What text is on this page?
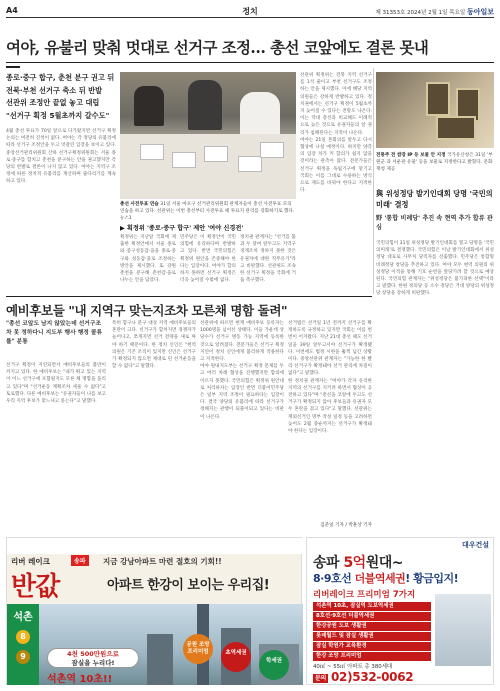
A4	정치	제 31353호 2024년 2월 1일 목요일 동아일보
여야, 유불리 맞춰 멋대로 선거구 조정… 총선 코앞에도 결론 못내
종로·중구 합구, 춘천 분구 권고 뒤
전북·부천 선거구 축소 뒤 반발
선관위 조정안 끝없 놓고 대립
"선거구 획정 5월초까지 갈수도"

4월 총선 투표가 70일 앞으로 다가왔지만 선거구 획정 논의는 여전히 진척이 없다. 여야는 각 정당의 유불리에 따라 선거구 조정안을 두고 엇갈린 입장을 보이고 있다. 중앙선거관리위원회 산하 선거구획정위원회는 서울 종로·중구를 합치고 춘천을 분구하는 안을 권고했지만 각 당의 반발로 결론이 나지 않고 있다. 여야는 지역구 조정에 따른 정치적 유불리를 계산하며 줄다리기를 계속하고 있다.

총선 사전투표 연습 31일 서울 마포구 선거관리위원회 관계자들이 총선 사전투표 모의 연습을 하고 있다. 선관위는 이번 총선부터 사전투표 때 투표지 관리를 강화하기로 했다. 뉴스1

선관위 획정위는 전북 지역 선거구를 1석 줄이고 부천 선거구도 조정하는 안을 제시했다. 이에 해당 지역 의원들은 강하게 반발하고 있다. 정치권에서는 선거구 획정이 5월초까지 늦어질 수 있다는 전망도 나온다. 이는 역대 총선과 비교해도 이례적으로 늦은 것으로 유권자들의 알 권리가 침해된다는 지적이 나온다.

여야는 21일 본회의를 앞두고 다시 협상에 나설 예정이다. 하지만 양측의 입장 차가 커 합의가 쉽지 않을 것이라는 관측이 많다. 전문가들은 선거구 획정을 독립기구에 맡기고 국회는 이를 그대로 수용하는 방식으로 제도를 바꿔야 한다고 지적한다.

▶ 획정위 '종로·중구 합구' 제안 '여야 신경전'

획정위는 지난달 국회에 제출한 획정안에서 서울 종로와 중구성동갑·을을 종로·중구와 성동갑·을로 조정하는 방안을 제시했다. 또 강원 춘천을 분구해 춘천갑·을로 나누는 안을 담았다.

민주당은 이 획정안이 국민의힘에 유리하다며 반발하고 있다. 반면 국민의힘은 획정위 원안을 존중해야 한다는 입장이다. 여야가 합의하지 못하면 선거구 획정은 더욱 늦어질 수밖에 없다.

정치권 관계자는 "선거를 불과 두 달여 앞두고도 지역구 경계조차 정하지 못한 것은 유권자에 대한 직무유기"라고 비판했다. 선관위도 조속한 선거구 획정을 국회에 거듭 촉구했다.

전통주 전 쌈장 IP 등 보물 안 지정 국가유산청은 31일 '부원군 과 서운관 유물' 등을 보물로 지정한다고 밝혔다. 문화재청 제공
與 위성정당 발기인대회 당명 '국민의미래' 결정
野 '통합 비례당' 추진 속 현역 추가 합류 관심
국민의힘이 31일 위성정당 발기인대회를 열고 당명을 '국민의미래'로 결정했다. 국민의힘은 이날 발기인대회에서 위성정당 대표로 사무처 당직자를 선출했다. 민주당은 통합형 비례정당 창당을 추진하고 있다. 여야 모두 현역 의원의 위성정당 이적을 통해 기호 순번을 앞당기려 할 것으로 예상된다. 국민의힘 관계자는 "위성정당은 불가피한 선택"이라고 말했다. 한편 정의당 등 소수 정당은 거대 양당의 위성정당 창당을 강하게 비판했다.
예비후보들 "내 지역구 맞는지조차 모른채 명함 돌려"
"총선 코앞도 남지 않았는데 선거구조차 못 정하다니 지도부 행사 행정 콜류를" 분통

선거구 획정이 지연되면서 예비후보들의 불만이 커지고 있다. 한 예비후보는 "내가 뛰고 있는 지역이 어느 선거구에 포함될지도 모른 채 명함을 돌리고 있다"며 "선거운동 계획조차 세울 수 없다"고 토로했다. 다른 예비후보는 "유권자들이 나를 보고 우리 지역 후보가 맞느냐고 묻는다"고 말했다.

특히 합구나 분구 대상 지역 예비후보들의 혼란이 크다. 선거구가 합쳐지면 경쟁자가 늘어나고, 쪼개지면 선거 전략을 새로 짜야 하기 때문이다. 한 정치 신인은 "현역 의원은 기존 조직이 있지만 신인은 선거구가 확정되지 않으면 제대로 된 선거운동을 할 수 없다"고 말했다.

선관위에 따르면 현재 예비후보 등록자는 1000명을 넘어선 상태다. 이들 가운데 상당수가 선거구 변동 가능 지역에 등록한 것으로 알려졌다. 전문가들은 선거구 획정 지연이 정치 신인에게 불리하게 작용한다고 지적한다.

여야 원내지도부는 선거구 획정 문제를 두고 여러 차례 협상을 진행했지만 합의에 이르지 못했다. 국민의힘은 획정위 원안대로 처리하자는 입장인 반면 더불어민주당은 일부 지역 조정이 필요하다는 입장이다. 결국 양당의 유불리에 따라 선거구가 정해지는 관행이 되풀이되고 있다는 비판이 나온다.

선거법은 선거일 1년 전까지 선거구를 확정하도록 규정하고 있지만 국회는 이를 번번이 어겨왔다. 지난 21대 총선 때도 선거일을 39일 앞두고서야 선거구가 확정됐다. 이번에도 법정 시한을 훌쩍 넘긴 상황이다. 중앙선관위 관계자는 "가능한 한 빨리 선거구가 확정돼야 선거 관리에 차질이 없다"고 말했다.

한 정치권 관계자는 "여야가 각자 유리한 지역의 선거구를 지키려 하면서 협상이 공전하고 있다"며 "총선을 코앞에 두고도 선거구가 확정되지 않아 후보들과 유권자 모두 혼란을 겪고 있다"고 말했다. 선관위는 재외선거인 명부 작성 일정 등을 고려하면 늦어도 2월 중순까지는 선거구가 확정돼야 한다는 입장이다.

김준일 기자 / 박훈상 기자
리버 레이크	송파	지금 강남아파트 마련 절호의 기회!!
반값	아파트 한강이 보이는 우리집!
석촌
8
9	4천 500만원으로
잠실을 누리다!
석촌역 10초!!
공원 조망 프리미엄	초역세권
학세권
대우건설
송파 5억원대~
8·9호선 더블역세권! 황금입지!
리버레이크 프리미엄 7가지
석촌역 10초, 잠실역 도보역세권
8호선·9호선 더블역세권
한강공원 도보 생활권
롯데월드 및 잠실 생활권
잠실 학원가 교육환경
한강 조망 프리미엄
40㎡ ~ 55㎡ 아파트 총 380세대
문의 02)532-0062
